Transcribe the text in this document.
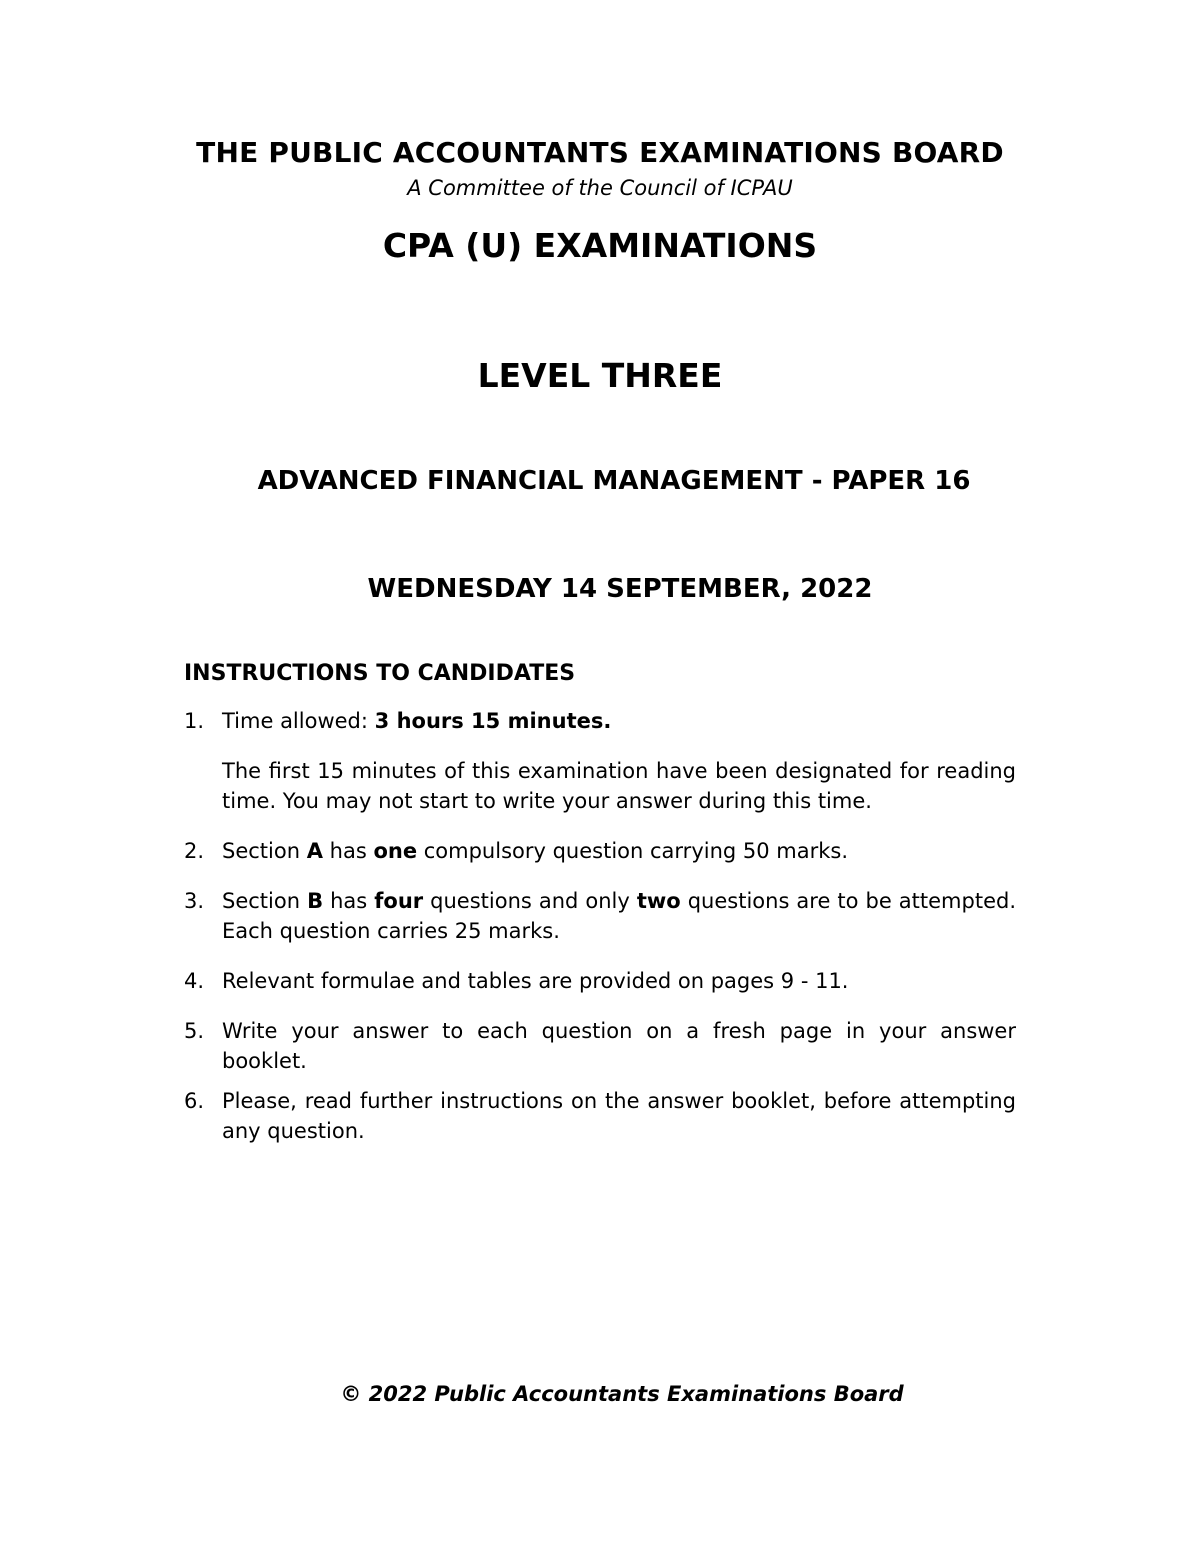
THE PUBLIC ACCOUNTANTS EXAMINATIONS BOARD
A Committee of the Council of ICPAU
CPA (U) EXAMINATIONS
LEVEL THREE
ADVANCED FINANCIAL MANAGEMENT - PAPER 16
WEDNESDAY 14 SEPTEMBER, 2022
INSTRUCTIONS TO CANDIDATES
1. Time allowed: 3 hours 15 minutes.

The first 15 minutes of this examination have been designated for reading time. You may not start to write your answer during this time.

2. Section A has one compulsory question carrying 50 marks.

3. Section B has four questions and only two questions are to be attempted. Each question carries 25 marks.

4. Relevant formulae and tables are provided on pages 9 - 11.

5. Write your answer to each question on a fresh page in your answer booklet.

6. Please, read further instructions on the answer booklet, before attempting any question.

© 2022 Public Accountants Examinations Board
